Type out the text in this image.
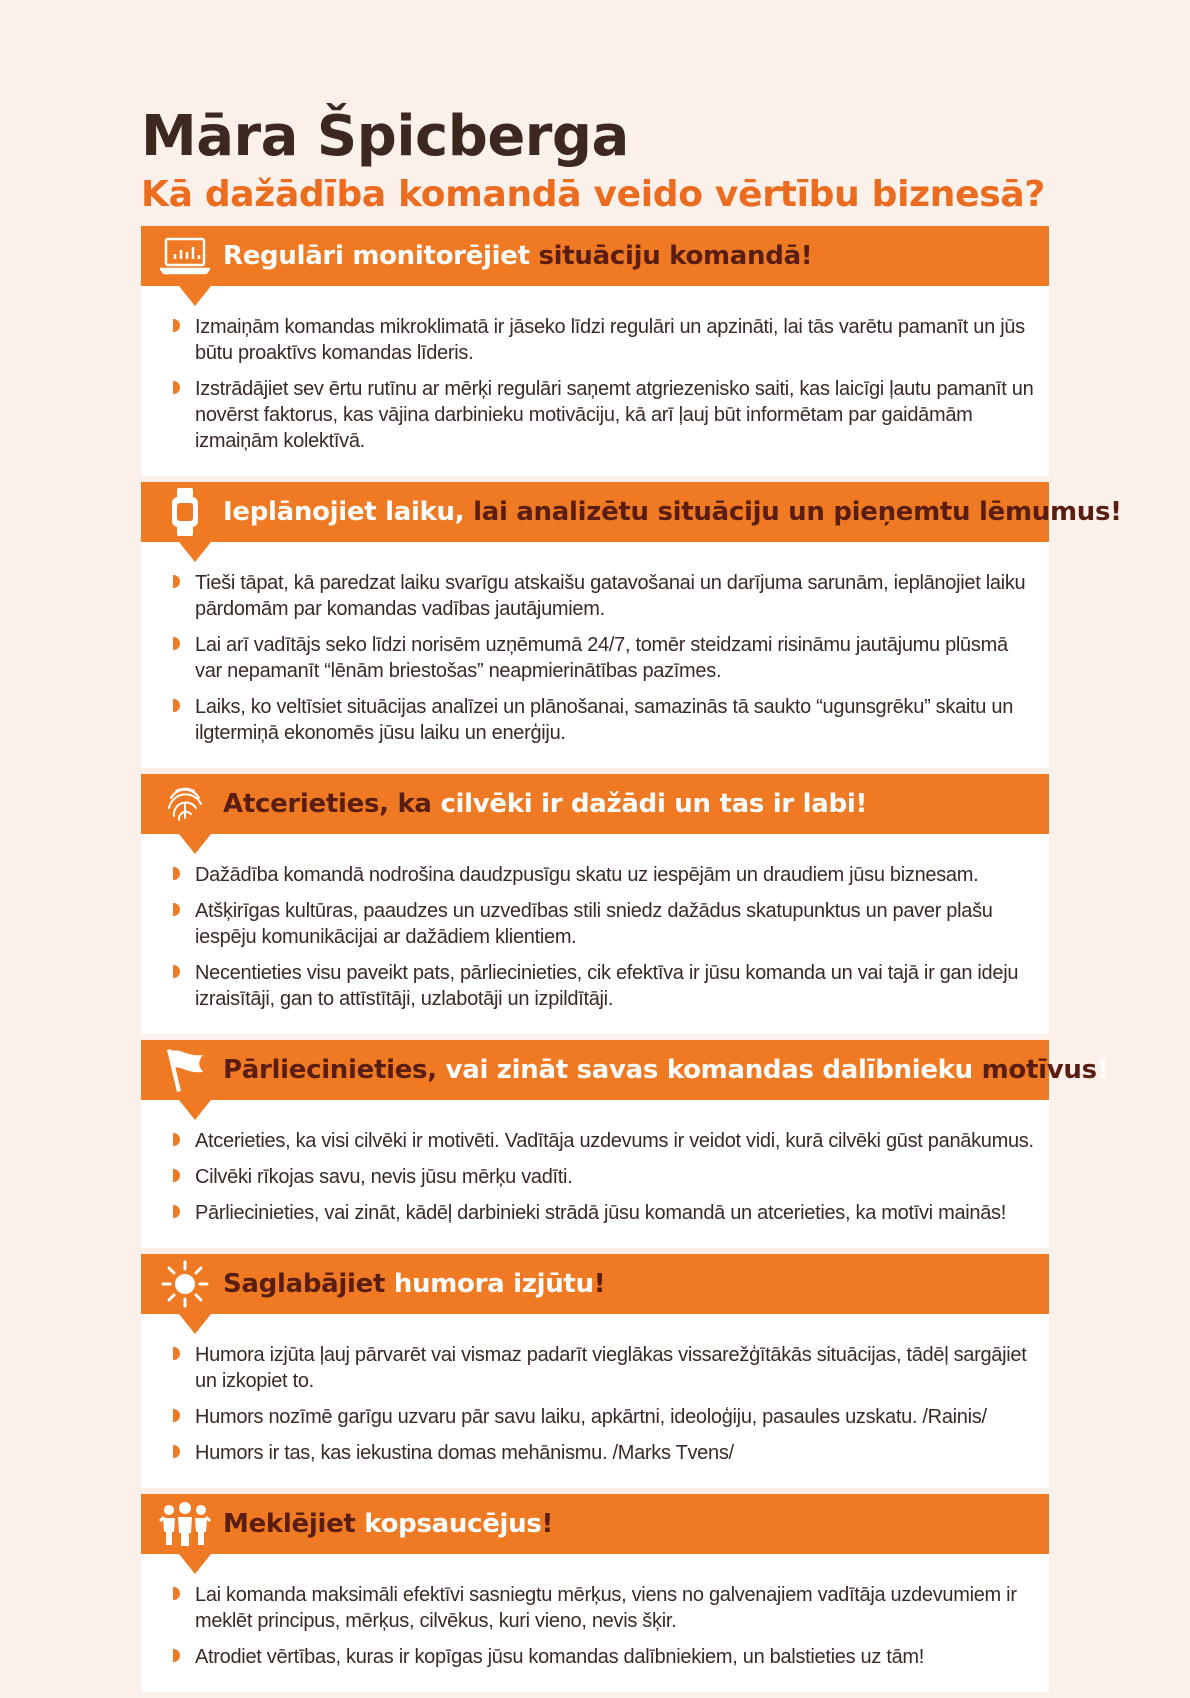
Māra Špicberga
Kā dažādība komandā veido vērtību biznesā?
Regulāri monitorējiet situāciju komandā!
Izmaiņām komandas mikroklimatā ir jāseko līdzi regulāri un apzināti, lai tās varētu pamanīt un jūs būtu proaktīvs komandas līderis.
Izstrādājiet sev ērtu rutīnu ar mērķi regulāri saņemt atgriezenisko saiti, kas laicīgi ļautu pamanīt un novērst faktorus, kas vājina darbinieku motivāciju, kā arī ļauj būt informētam par gaidāmām izmaiņām kolektīvā.
Ieplānojiet laiku, lai analizētu situāciju un pieņemtu lēmumus!
Tieši tāpat, kā paredzat laiku svarīgu atskaišu gatavošanai un darījuma sarunām, ieplānojiet laiku pārdomām par komandas vadības jautājumiem.
Lai arī vadītājs seko līdzi norisēm uzņēmumā 24/7, tomēr steidzami risināmu jautājumu plūsmā var nepamanīt “lēnām briestošas” neapmierinātības pazīmes.
Laiks, ko veltīsiet situācijas analīzei un plānošanai, samazinās tā saukto “ugunsgrēku” skaitu un ilgtermiņā ekonomēs jūsu laiku un enerģiju.
Atcerieties, ka cilvēki ir dažādi un tas ir labi!
Dažādība komandā nodrošina daudzpusīgu skatu uz iespējām un draudiem jūsu biznesam.
Atšķirīgas kultūras, paaudzes un uzvedības stili sniedz dažādus skatupunktus un paver plašu iespēju komunikācijai ar dažādiem klientiem.
Necentieties visu paveikt pats, pārliecinieties, cik efektīva ir jūsu komanda un vai tajā ir gan ideju izraisītāji, gan to attīstītāji, uzlabotāji un izpildītāji.
Pārliecinieties, vai zināt savas komandas dalībnieku motīvus!
Atcerieties, ka visi cilvēki ir motivēti. Vadītāja uzdevums ir veidot vidi, kurā cilvēki gūst panākumus.
Cilvēki rīkojas savu, nevis jūsu mērķu vadīti.
Pārliecinieties, vai zināt, kādēļ darbinieki strādā jūsu komandā un atcerieties, ka motīvi mainās!
Saglabājiet humora izjūtu!
Humora izjūta ļauj pārvarēt vai vismaz padarīt vieglākas vissarežģītākās situācijas, tādēļ sargājiet un izkopiet to.
Humors nozīmē garīgu uzvaru pār savu laiku, apkārtni, ideoloģiju, pasaules uzskatu. /Rainis/
Humors ir tas, kas iekustina domas mehānismu. /Marks Tvens/
Meklējiet kopsaucējus!
Lai komanda maksimāli efektīvi sasniegtu mērķus, viens no galvenajiem vadītāja uzdevumiem ir meklēt principus, mērķus, cilvēkus, kuri vieno, nevis šķir.
Atrodiet vērtības, kuras ir kopīgas jūsu komandas dalībniekiem, un balstieties uz tām!
